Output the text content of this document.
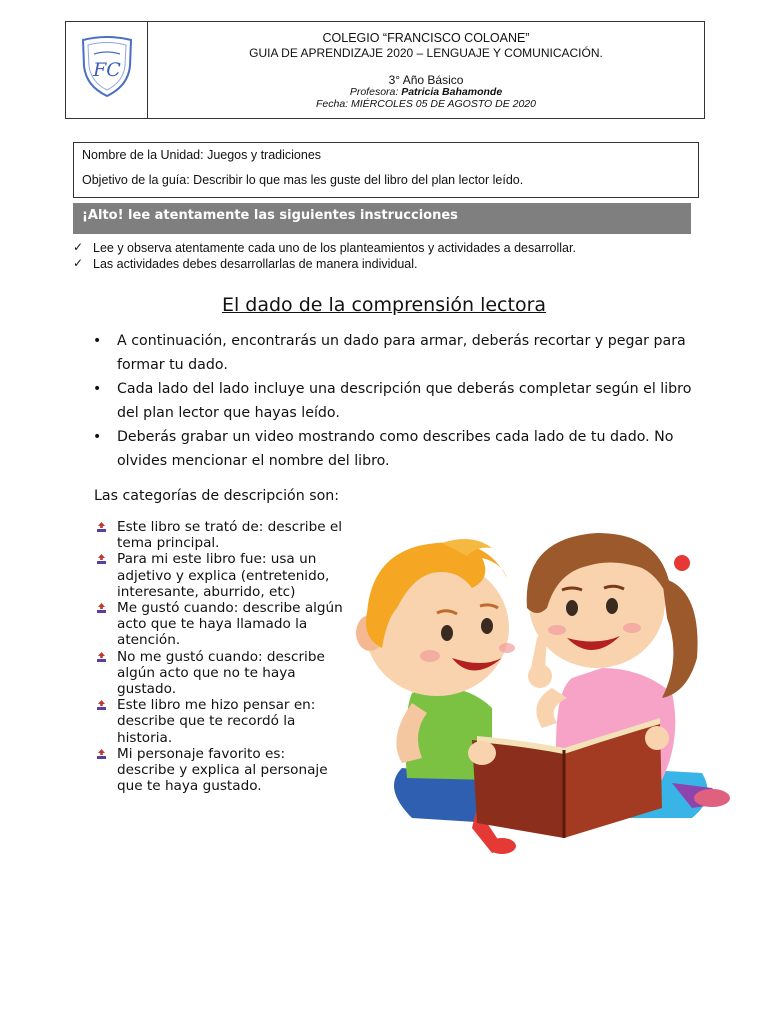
FC
COLEGIO “FRANCISCO COLOANE”
GUIA DE APRENDIZAJE 2020 – LENGUAJE Y COMUNICACIÓN.
3° Año Básico
Profesora: Patricia Bahamonde
Fecha: MIÉRCOLES 05 DE AGOSTO DE 2020
Nombre de la Unidad: Juegos y tradiciones
Objetivo de la guía: Describir lo que mas les guste del libro del plan lector leído.
¡Alto! lee atentamente las siguientes instrucciones
✓ Lee y observa atentamente cada uno de los planteamientos y actividades a desarrollar.
✓ Las actividades debes desarrollarlas de manera individual.
El dado de la comprensión lectora
• A continuación, encontrarás un dado para armar, deberás recortar y pegar para formar tu dado.
• Cada lado del lado incluye una descripción que deberás completar según el libro del plan lector que hayas leído.
• Deberás grabar un video mostrando como describes cada lado de tu dado. No olvides mencionar el nombre del libro.
Las categorías de descripción son:
Este libro se trató de: describe el tema principal.
Para mi este libro fue: usa un adjetivo y explica (entretenido, interesante, aburrido, etc)
Me gustó cuando: describe algún acto que te haya llamado la atención.
No me gustó cuando: describe algún acto que no te haya gustado.
Este libro me hizo pensar en: describe que te recordó la historia.
Mi personaje favorito es: describe y explica al personaje que te haya gustado.
